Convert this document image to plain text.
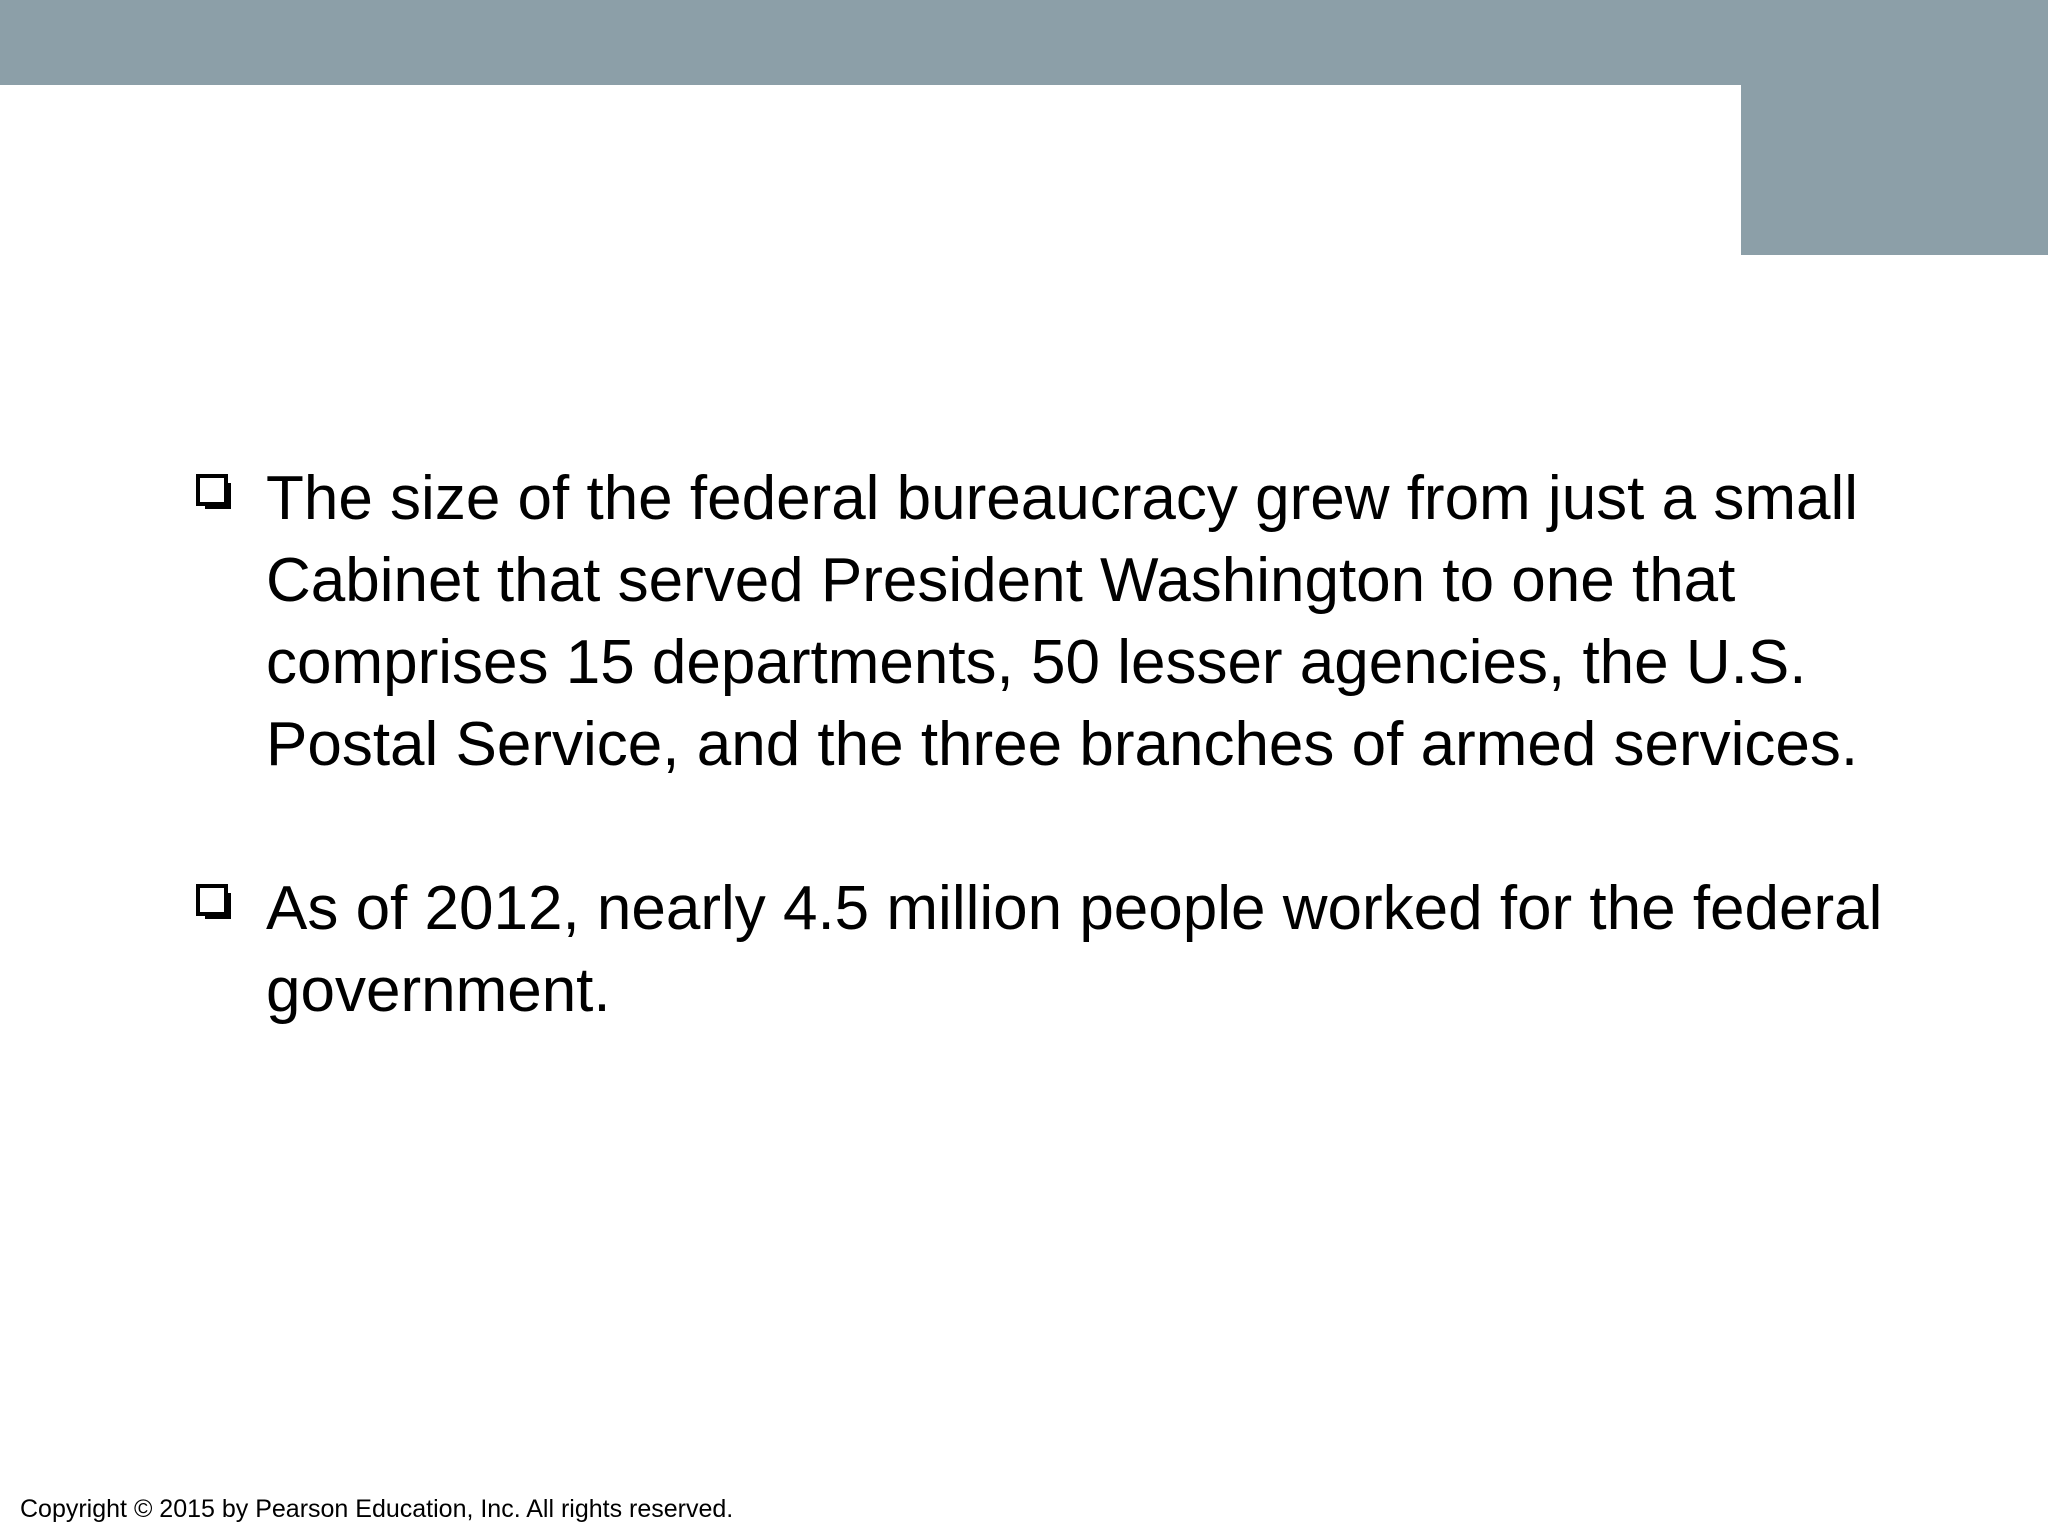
The size of the federal bureaucracy grew from just a small Cabinet that served President Washington to one that comprises 15 departments, 50 lesser agencies, the U.S. Postal Service, and the three branches of armed services.
As of 2012, nearly 4.5 million people worked for the federal government.
Copyright © 2015 by Pearson Education, Inc. All rights reserved.
